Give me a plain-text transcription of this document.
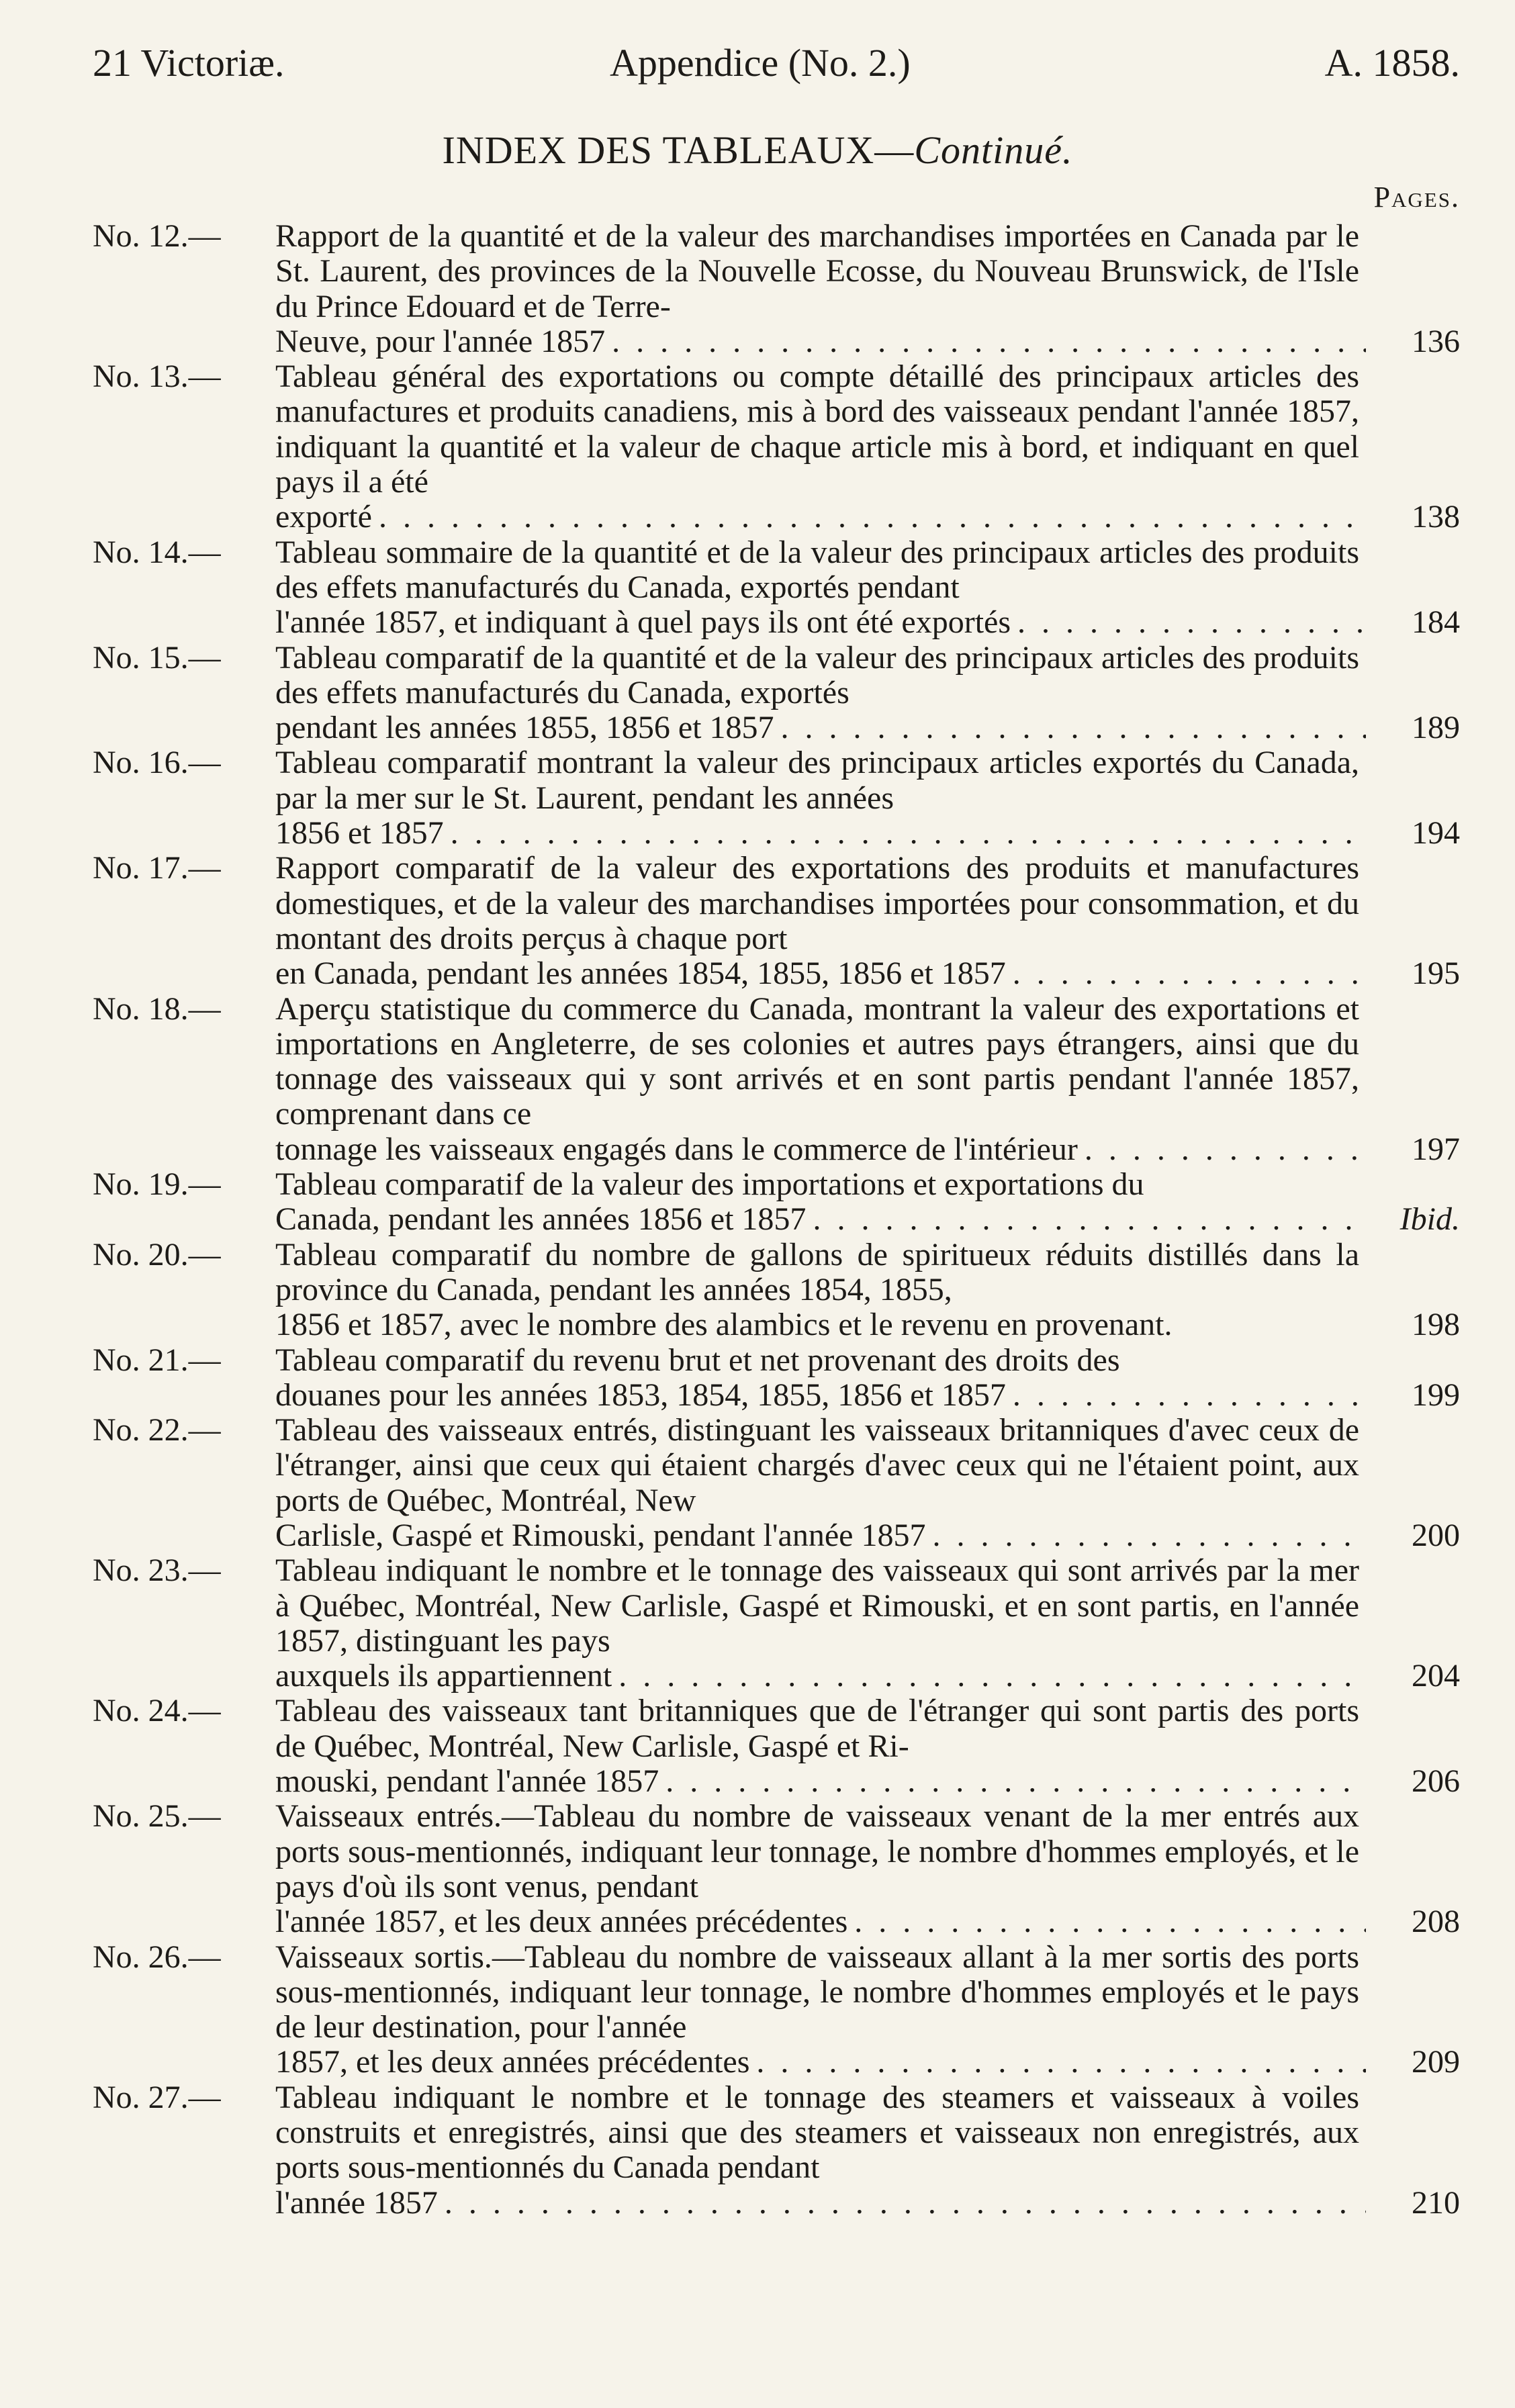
21 Victoriæ.	Appendice (No. 2.)	A. 1858.
INDEX DES TABLEAUX—Continué.
Pages.
No. 12.—	Rapport de la quantité et de la valeur des marchandises importées en Canada par le St. Laurent, des provinces de la Nouvelle Ecosse, du Nouveau Brunswick, de l'Isle du Prince Edouard et de Terre-
Neuve, pour l'année 1857 . . .	136
No. 13.—	Tableau général des exportations ou compte détaillé des principaux articles des manufactures et produits canadiens, mis à bord des vaisseaux pendant l'année 1857, indiquant la quantité et la valeur de chaque article mis à bord, et indiquant en quel pays il a été
exporté . . .	138
No. 14.—	Tableau sommaire de la quantité et de la valeur des principaux articles des produits des effets manufacturés du Canada, exportés pendant
l'année 1857, et indiquant à quel pays ils ont été exportés . . .	184
No. 15.—	Tableau comparatif de la quantité et de la valeur des principaux articles des produits des effets manufacturés du Canada, exportés
pendant les années 1855, 1856 et 1857 . . .	189
No. 16.—	Tableau comparatif montrant la valeur des principaux articles exportés du Canada, par la mer sur le St. Laurent, pendant les années
1856 et 1857 . . .	194
No. 17.—	Rapport comparatif de la valeur des exportations des produits et manufactures domestiques, et de la valeur des marchandises importées pour consommation, et du montant des droits perçus à chaque port
en Canada, pendant les années 1854, 1855, 1856 et 1857 . . .	195
No. 18.—	Aperçu statistique du commerce du Canada, montrant la valeur des exportations et importations en Angleterre, de ses colonies et autres pays étrangers, ainsi que du tonnage des vaisseaux qui y sont arrivés et en sont partis pendant l'année 1857, comprenant dans ce
tonnage les vaisseaux engagés dans le commerce de l'intérieur . . .	197
No. 19.—	Tableau comparatif de la valeur des importations et exportations du
Canada, pendant les années 1856 et 1857 . . .	Ibid.
No. 20.—	Tableau comparatif du nombre de gallons de spiritueux réduits distillés dans la province du Canada, pendant les années 1854, 1855,
1856 et 1857, avec le nombre des alambics et le revenu en provenant.	198
No. 21.—	Tableau comparatif du revenu brut et net provenant des droits des
douanes pour les années 1853, 1854, 1855, 1856 et 1857 . . .	199
No. 22.—	Tableau des vaisseaux entrés, distinguant les vaisseaux britanniques d'avec ceux de l'étranger, ainsi que ceux qui étaient chargés d'avec ceux qui ne l'étaient point, aux ports de Québec, Montréal, New
Carlisle, Gaspé et Rimouski, pendant l'année 1857 . . .	200
No. 23.—	Tableau indiquant le nombre et le tonnage des vaisseaux qui sont arrivés par la mer à Québec, Montréal, New Carlisle, Gaspé et Rimouski, et en sont partis, en l'année 1857, distinguant les pays
auxquels ils appartiennent . . .	204
No. 24.—	Tableau des vaisseaux tant britanniques que de l'étranger qui sont partis des ports de Québec, Montréal, New Carlisle, Gaspé et Ri-
mouski, pendant l'année 1857 . . .	206
No. 25.—	Vaisseaux entrés.—Tableau du nombre de vaisseaux venant de la mer entrés aux ports sous-mentionnés, indiquant leur tonnage, le nombre d'hommes employés, et le pays d'où ils sont venus, pendant
l'année 1857, et les deux années précédentes . . .	208
No. 26.—	Vaisseaux sortis.—Tableau du nombre de vaisseaux allant à la mer sortis des ports sous-mentionnés, indiquant leur tonnage, le nombre d'hommes employés et le pays de leur destination, pour l'année
1857, et les deux années précédentes . . .	209
No. 27.—	Tableau indiquant le nombre et le tonnage des steamers et vaisseaux à voiles construits et enregistrés, ainsi que des steamers et vaisseaux non enregistrés, aux ports sous-mentionnés du Canada pendant
l'année 1857 . . .	210
